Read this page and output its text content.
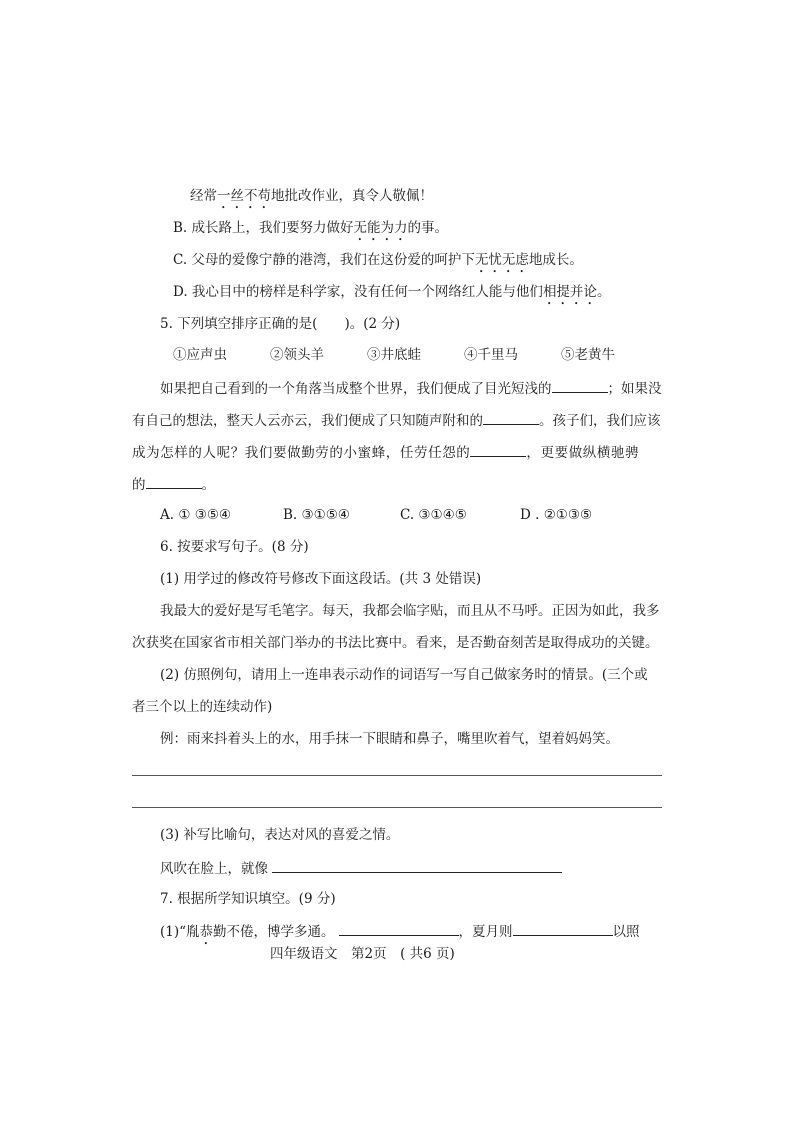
经常一丝不苟地批改作业，真令人敬佩！
B. 成长路上，我们要努力做好无能为力的事。
C. 父母的爱像宁静的港湾，我们在这份爱的呵护下无忧无虑地成长。
D. 我心目中的榜样是科学家，没有任何一个网络红人能与他们相提并论。
5. 下列填空排序正确的是(　　)。(2 分)
①应声虫	②领头羊	③井底蛙	④千里马	⑤老黄牛
如果把自己看到的一个角落当成整个世界，我们便成了目光短浅的	；如果没
有自己的想法，整天人云亦云，我们便成了只知随声附和的	。孩子们，我们应该
成为怎样的人呢？我们要做勤劳的小蜜蜂，任劳任怨的	，更要做纵横驰骋
的	。
A. ① ③⑤④	B. ③①⑤④	C. ③①④⑤	D . ②①③⑤
6. 按要求写句子。(8 分)
(1) 用学过的修改符号修改下面这段话。(共 3 处错误)
我最大的爱好是写毛笔字。每天，我都会临字贴，而且从不马呼。正因为如此，我多
次获奖在国家省市相关部门举办的书法比赛中。看来，是否勤奋刻苦是取得成功的关键。
(2) 仿照例句，请用上一连串表示动作的词语写一写自己做家务时的情景。(三个或
者三个以上的连续动作)
例：雨来抖着头上的水，用手抹一下眼睛和鼻子，嘴里吹着气，望着妈妈笑。
(3) 补写比喻句，表达对风的喜爱之情。
风吹在脸上，就像
7. 根据所学知识填空。(9 分)
(1)“胤恭勤不倦，博学多通。	，夏月则	以照
四年级语文　第2页　( 共6 页)
